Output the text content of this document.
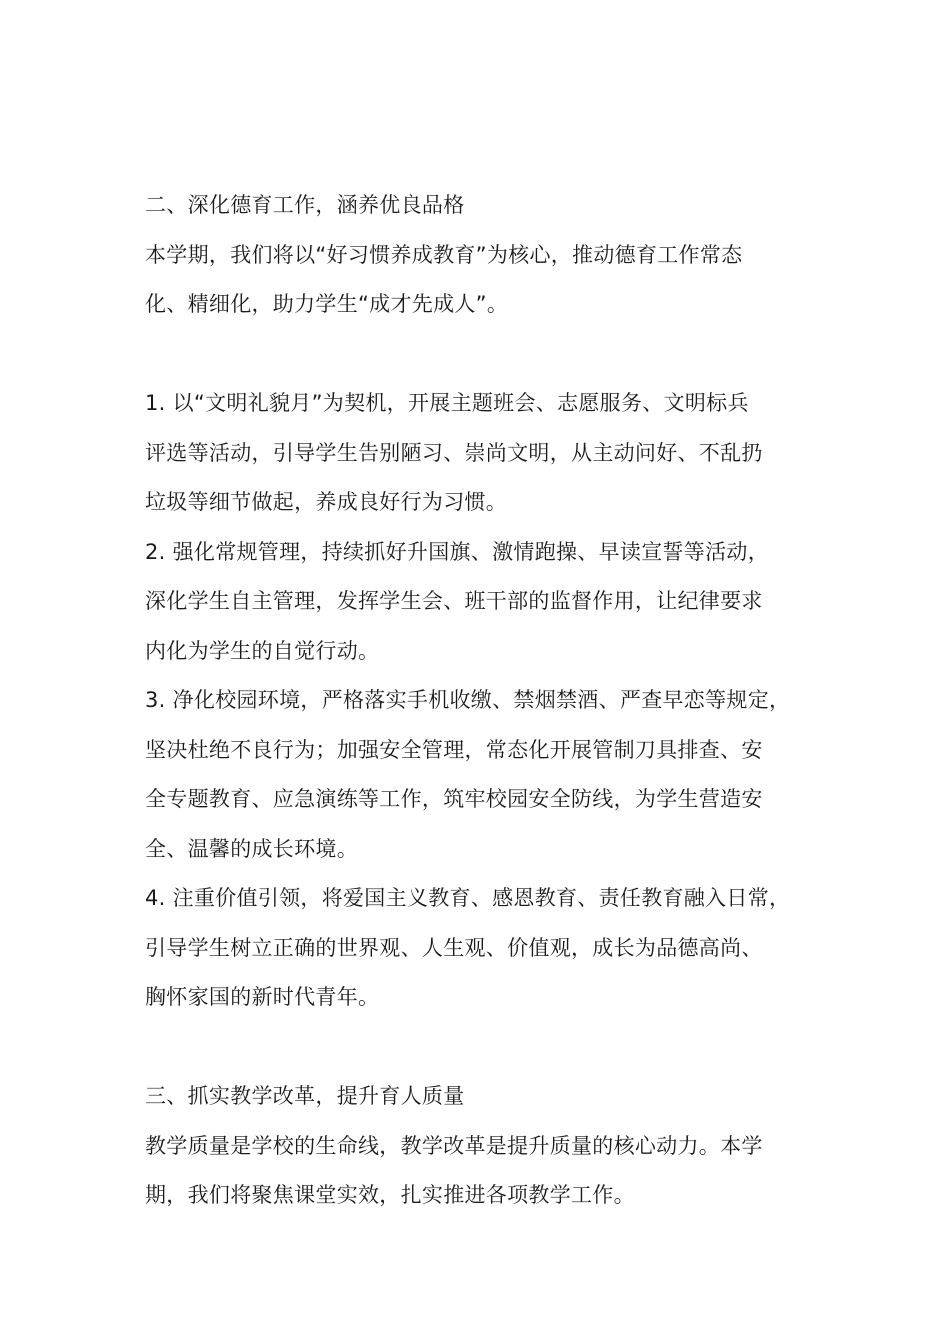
二、深化德育工作，涵养优良品格
本学期，我们将以“好习惯养成教育”为核心，推动德育工作常态
化、精细化，助力学生“成才先成人”。
1. 以“文明礼貌月”为契机，开展主题班会、志愿服务、文明标兵
评选等活动，引导学生告别陋习、崇尚文明，从主动问好、不乱扔
垃圾等细节做起，养成良好行为习惯。
2. 强化常规管理，持续抓好升国旗、激情跑操、早读宣誓等活动，
深化学生自主管理，发挥学生会、班干部的监督作用，让纪律要求
内化为学生的自觉行动。
3. 净化校园环境，严格落实手机收缴、禁烟禁酒、严查早恋等规定，
坚决杜绝不良行为；加强安全管理，常态化开展管制刀具排查、安
全专题教育、应急演练等工作，筑牢校园安全防线，为学生营造安
全、温馨的成长环境。
4. 注重价值引领，将爱国主义教育、感恩教育、责任教育融入日常，
引导学生树立正确的世界观、人生观、价值观，成长为品德高尚、
胸怀家国的新时代青年。
三、抓实教学改革，提升育人质量
教学质量是学校的生命线，教学改革是提升质量的核心动力。本学
期，我们将聚焦课堂实效，扎实推进各项教学工作。
